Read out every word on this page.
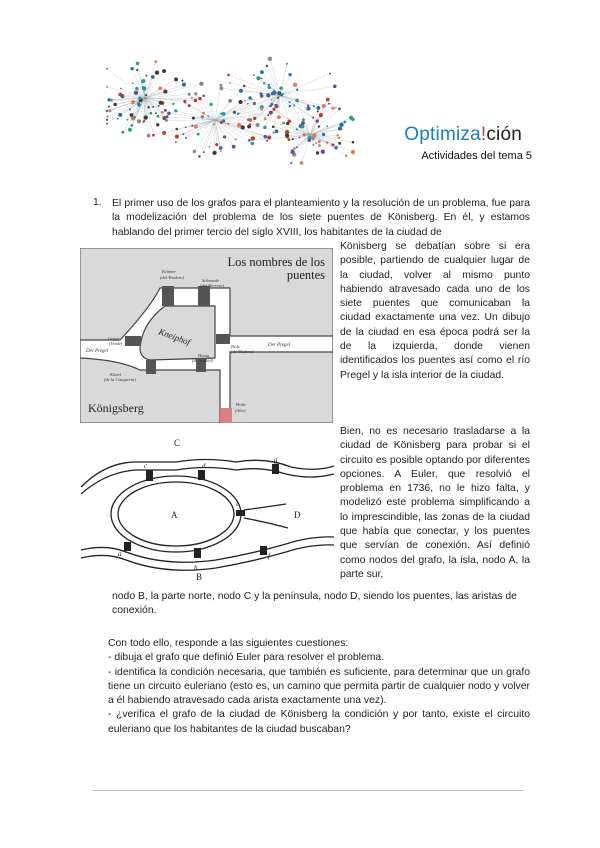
Optimiza!ción
Actividades del tema 5
1. El primer uso de los grafos para el planteamiento y la resolución de un problema, fue para la modelización del problema de los siete puentes de Könisberg. En él, y estamos hablando del primer tercio del siglo XVIII, los habitantes de la ciudad de
Könisberg se debatían sobre si era posible, partiendo de cualquier lugar de la ciudad, volver al mismo punto habiendo atravesado cada uno de los siete puentes que comunicaban la ciudad exactamente una vez. Un dibujo de la ciudad en esa época podrá ser la de la izquierda, donde vienen identificados los puentes así como el río Pregel y la isla interior de la ciudad.
Los nombres de los
puentes
Königsberg
Kneiphof
Der Pregel
Der Pregel
Krämer
(del Tendero)
Schmiede
(del Herrero)
Grüne
(Verde)
Honig
(de la Miel)
Holz
(de Madera)
Köttel
(de la Casquería)
Hohe
(Alto)
Bien, no es necesario trasladarse a la ciudad de Könisberg para probar si el circuito es posible optando por diferentes opciones. A Euler, que resolvió el problema en 1736, no le hizo falta, y modelizó este problema simplificando a lo imprescindible, las zonas de la ciudad que había que conectar, y los puentes que servían de conexión. Así definió como nodos del grafo, la isla, nodo A, la parte sur,
C
A	D
B
a
b
c	d
e
f
g
nodo B, la parte norte, nodo C y la península, nodo D, siendo los puentes, las aristas de conexión.
Con todo ello, responde a las siguientes cuestiones:
- dibuja el grafo que definió Euler para resolver el problema.
- identifica la condición necesaria, que también es suficiente, para determinar que un grafo tiene un circuito euleriano (esto es, un camino que permita partir de cualquier nodo y volver a él habiendo atravesado cada arista exactamente una vez).
- ¿verifica el grafo de la ciudad de Könisberg la condición y por tanto, existe el circuito euleriano que los habitantes de la ciudad buscaban?
